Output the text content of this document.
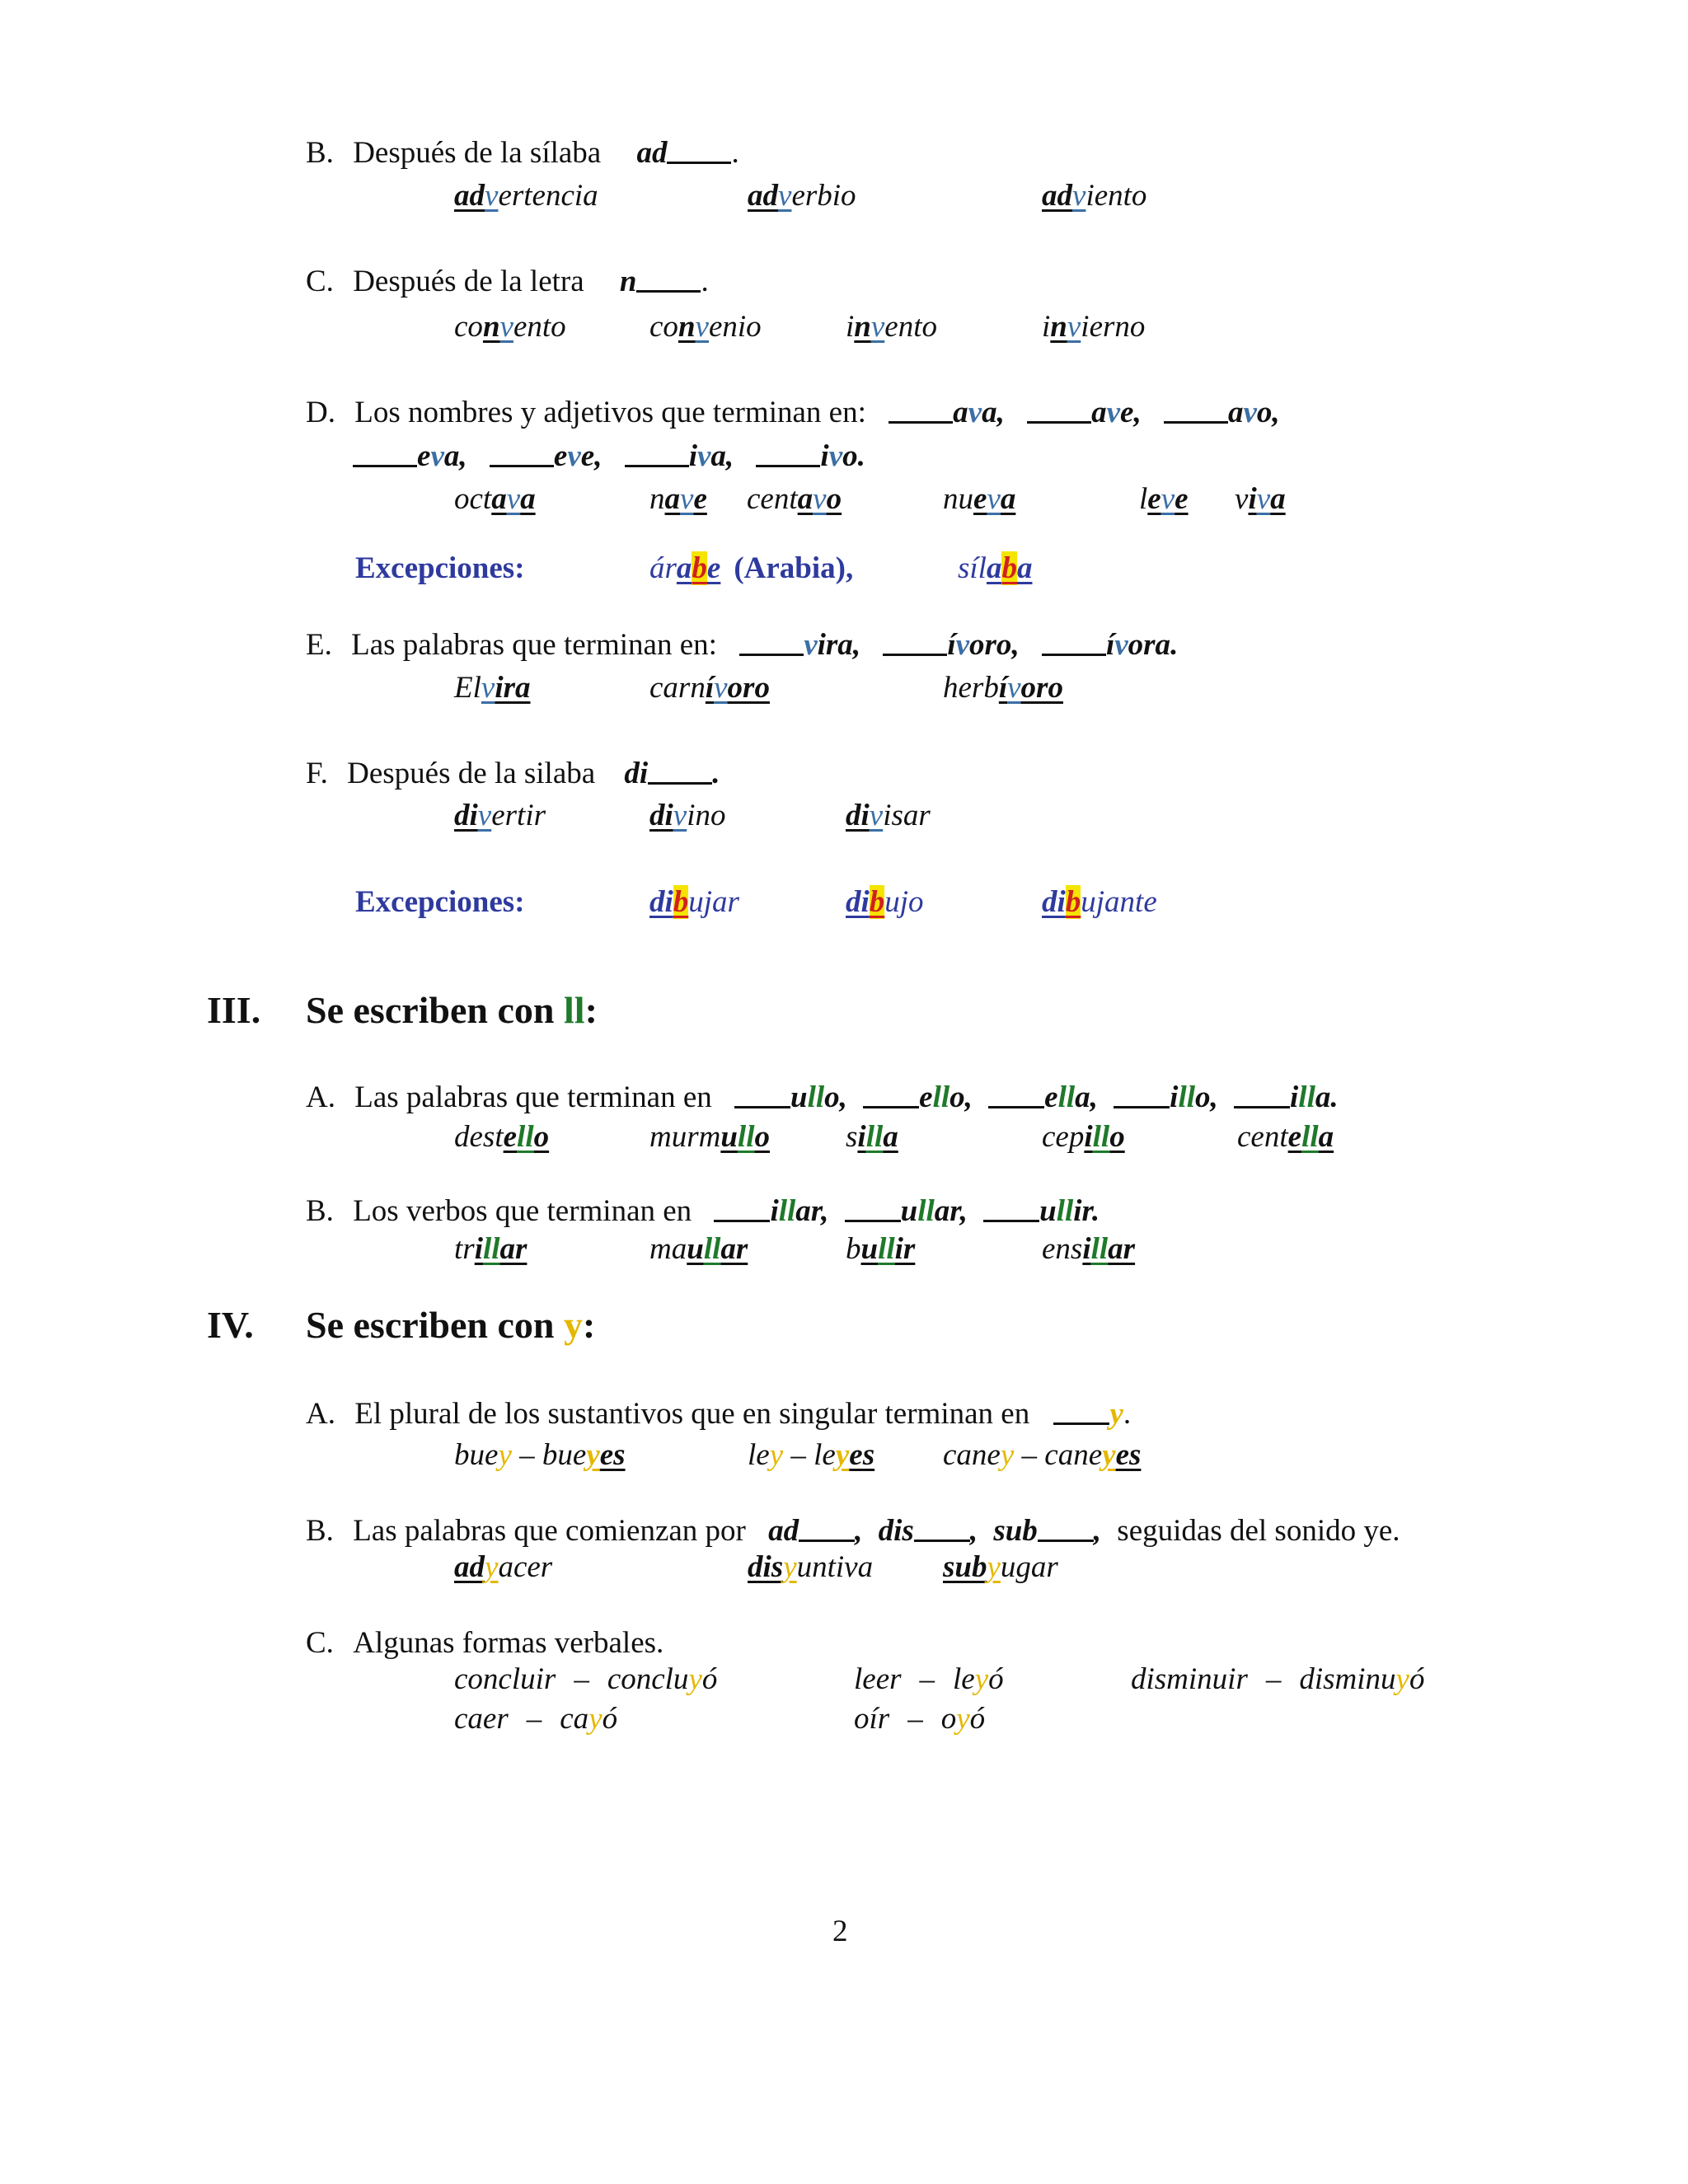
B. Después de la sílaba ad .
advertencia	adverbio	adviento
C. Después de la letra n .
convento	convenio	invento	invierno
D. Los nombres y adjetivos que terminan en:	ava,	ave,	avo,
eva,	eve,	iva,	ivo.
octava	nave centavo	nueva	leve viva
Excepciones:	árabe (Arabia),	sílaba
E. Las palabras que terminan en:	vira,	ívoro,	ívora.
Elvira	carnívoro	herbívoro
F. Después de la silaba di .
divertir	divino	divisar
Excepciones:	dibujar	dibujo	dibujante
III. Se escriben con ll:
A. Las palabras que terminan en	ullo, ello, ella, illo, illa.
destello	murmullo silla	cepillo	centella
B. Los verbos que terminan en	illar, ullar, ullir.
trillar	maullar	bullir	ensillar
IV. Se escriben con y:
A. El plural de los sustantivos que en singular terminan en	y.
buey – bueyes	ley – leyes caney – caneyes
B. Las palabras que comienzan por ad , dis , sub , seguidas del sonido ye.
adyacer	disyuntiva subyugar
C. Algunas formas verbales.
concluir – concluyó	leer – leyó	disminuir – disminuyó
caer – cayó	oír – oyó
2
